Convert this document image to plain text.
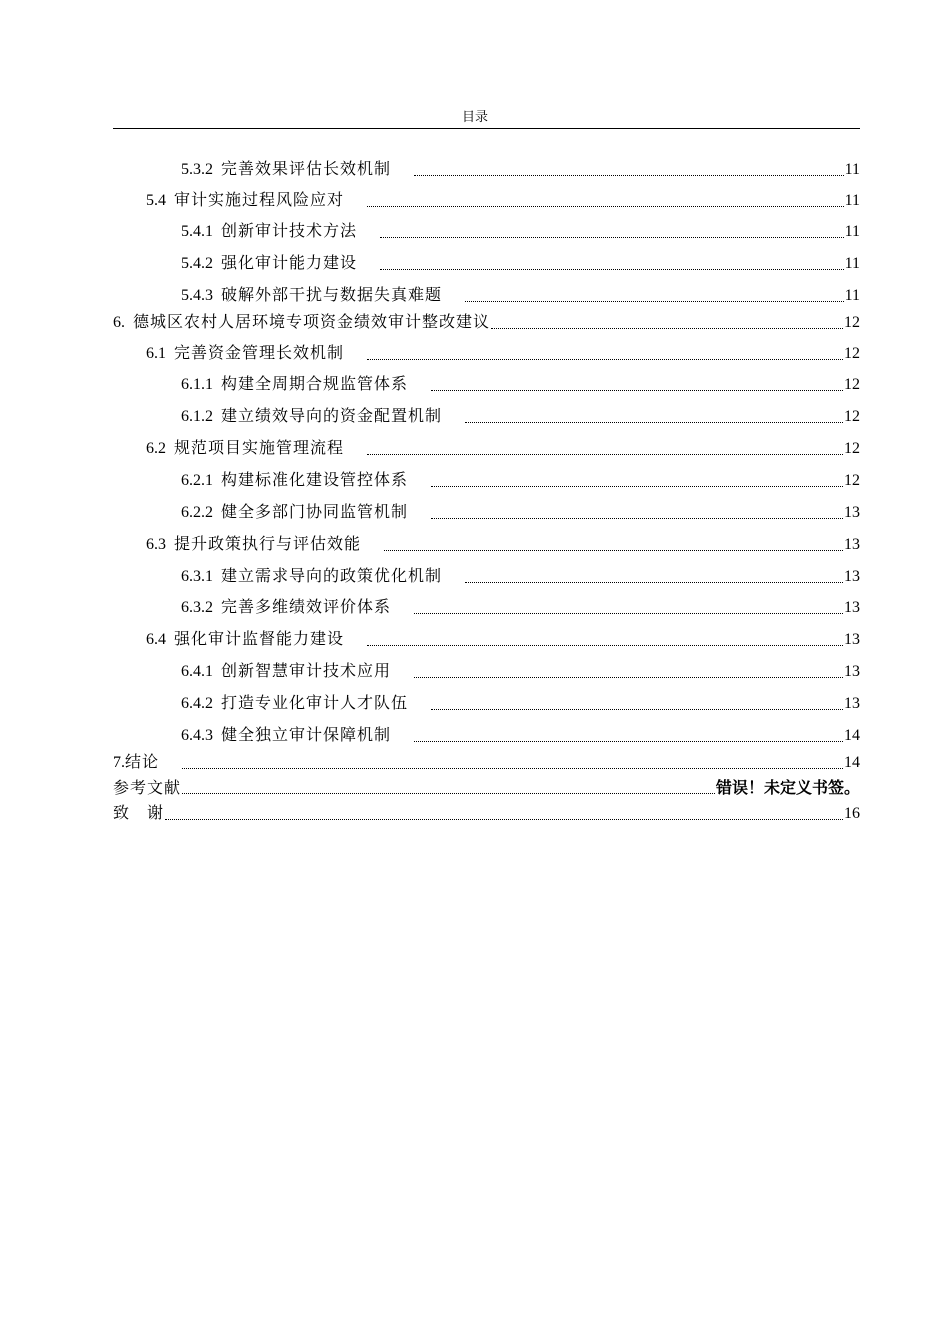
目录
5.3.2 完善效果评估长效机制	11
5.4 审计实施过程风险应对	11
5.4.1 创新审计技术方法	11
5.4.2 强化审计能力建设	11
5.4.3 破解外部干扰与数据失真难题	11
6. 德城区农村人居环境专项资金绩效审计整改建议	12
6.1 完善资金管理长效机制	12
6.1.1 构建全周期合规监管体系	12
6.1.2 建立绩效导向的资金配置机制	12
6.2 规范项目实施管理流程	12
6.2.1 构建标准化建设管控体系	12
6.2.2 健全多部门协同监管机制	13
6.3 提升政策执行与评估效能	13
6.3.1 建立需求导向的政策优化机制	13
6.3.2 完善多维绩效评价体系	13
6.4 强化审计监督能力建设	13
6.4.1 创新智慧审计技术应用	13
6.4.2 打造专业化审计人才队伍	13
6.4.3 健全独立审计保障机制	14
7. 结论	14
参考文献	错误！未定义书签。
致　谢	16
